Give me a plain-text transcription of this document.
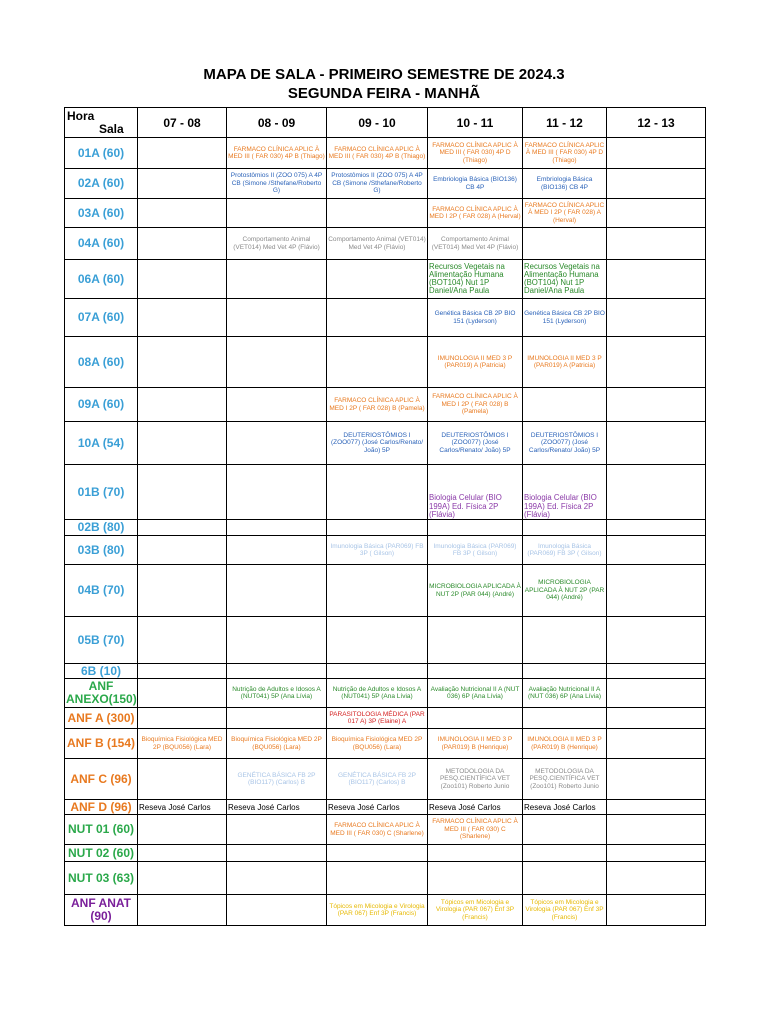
MAPA DE SALA - PRIMEIRO SEMESTRE DE 2024.3
SEGUNDA FEIRA - MANHÃ
Hora
Sala	07 - 08	08 - 09	09 - 10	10 - 11	11 - 12	12 - 13
01A (60)		FARMACO CLÍNICA APLIC À MED III ( FAR 030) 4P B (Thiago)	FARMACO CLÍNICA APLIC À MED III ( FAR 030) 4P B (Thiago)	FARMACO CLÍNICA APLIC À MED III ( FAR 030) 4P D (Thiago)	FARMACO CLÍNICA APLIC À MED III ( FAR 030) 4P D (Thiago)	
02A (60)		Protostômios II (ZOO 075) A 4P CB (Simone /Sthefane/Roberto G)	Protostômios II (ZOO 075) A 4P CB (Simone /Sthefane/Roberto G)	Embriologia Básica (BIO136) CB 4P	Embriologia Básica (BIO136) CB 4P	
03A (60)				FARMACO CLÍNICA APLIC À MED I 2P ( FAR 028) A (Herval)	FARMACO CLÍNICA APLIC À MED I 2P ( FAR 028) A (Herval)	
04A (60)		Comportamento Animal (VET014) Med Vet 4P (Flávio)	Comportamento Animal (VET014) Med Vet 4P (Flávio)	Comportamento Animal (VET014) Med Vet 4P (Flávio)		
06A (60)				Recursos Vegetais na Alimentação Humana (BOT104) Nut 1P Daniel/Ana Paula	Recursos Vegetais na Alimentação Humana (BOT104) Nut 1P Daniel/Ana Paula	
07A (60)				Genética Básica CB 2P BIO 151 (Lyderson)	Genética Básica CB 2P BIO 151 (Lyderson)	
08A (60)				IMUNOLOGIA II MED 3 P (PAR019) A (Patricia)	IMUNOLOGIA II MED 3 P (PAR019) A (Patricia)	
09A (60)			FARMACO CLÍNICA APLIC À MED I 2P ( FAR 028) B (Pamela)	FARMACO CLÍNICA APLIC À MED I 2P ( FAR 028) B (Pamela)		
10A (54)			DEUTERIOSTÔMIOS I (ZOO077) (José Carlos/Renato/ João) 5P	DEUTERIOSTÔMIOS I (ZOO077) (José Carlos/Renato/ João) 5P	DEUTERIOSTÔMIOS I (ZOO077) (José Carlos/Renato/ João) 5P	
01B (70)				Biologia Celular (BIO 199A) Ed. Física 2P (Flávia)	Biologia Celular (BIO 199A) Ed. Física 2P (Flávia)	
02B (80)						
03B (80)			Imunologia Básica (PAR069) FB 3P ( Gilson)	Imunologia Básica (PAR069) FB 3P ( Gilson)	Imunologia Básica (PAR069) FB 3P ( Gilson)	
04B (70)				MICROBIOLOGIA APLICADA À NUT 2P (PAR 044) (André)	MICROBIOLOGIA APLICADA À NUT 2P (PAR 044) (André)	
05B (70)						
6B (10)						
ANF ANEXO(150)		Nutrição de Adultos e Idosos A (NUT041) 5P (Ana Lívia)	Nutrição de Adultos e Idosos A (NUT041) 5P (Ana Lívia)	Avaliação Nutricional II A (NUT 036) 6P (Ana Lívia)	Avaliação Nutricional II A (NUT 036) 6P (Ana Lívia)	
ANF A (300)			PARASITOLOGIA MÉDICA (PAR 017 A) 3P (Elaine) A			
ANF B (154)	Bioquímica Fisiológica MED 2P (BQU056) (Lara)	Bioquímica Fisiológica MED 2P (BQU056) (Lara)	Bioquímica Fisiológica MED 2P (BQU056) (Lara)	IMUNOLOGIA II MED 3 P (PAR019) B (Henrique)	IMUNOLOGIA II MED 3 P (PAR019) B (Henrique)	
ANF C (96)		GENÉTICA BÁSICA FB 2P (BIO117) (Carlos) B	GENÉTICA BÁSICA FB 2P (BIO117) (Carlos) B	METODOLOGIA DA PESQ.CIENTÍFICA VET (Zoo101) Roberto Junio	METODOLOGIA DA PESQ.CIENTÍFICA VET (Zoo101) Roberto Junio	
ANF D (96)	Reseva José Carlos	Reseva José Carlos	Reseva José Carlos	Reseva José Carlos	Reseva José Carlos	
NUT 01 (60)			FARMACO CLÍNICA APLIC À MED III ( FAR 030) C (Sharlene)	FARMACO CLÍNICA APLIC À MED III ( FAR 030) C (Sharlene)		
NUT 02 (60)						
NUT 03 (63)						
ANF ANAT (90)			Tópicos em Micologia e Virologia (PAR 067) Enf 3P (Francis)	Tópicos em Micologia e Virologia (PAR 067) Enf 3P (Francis)	Tópicos em Micologia e Virologia (PAR 067) Enf 3P (Francis)	
